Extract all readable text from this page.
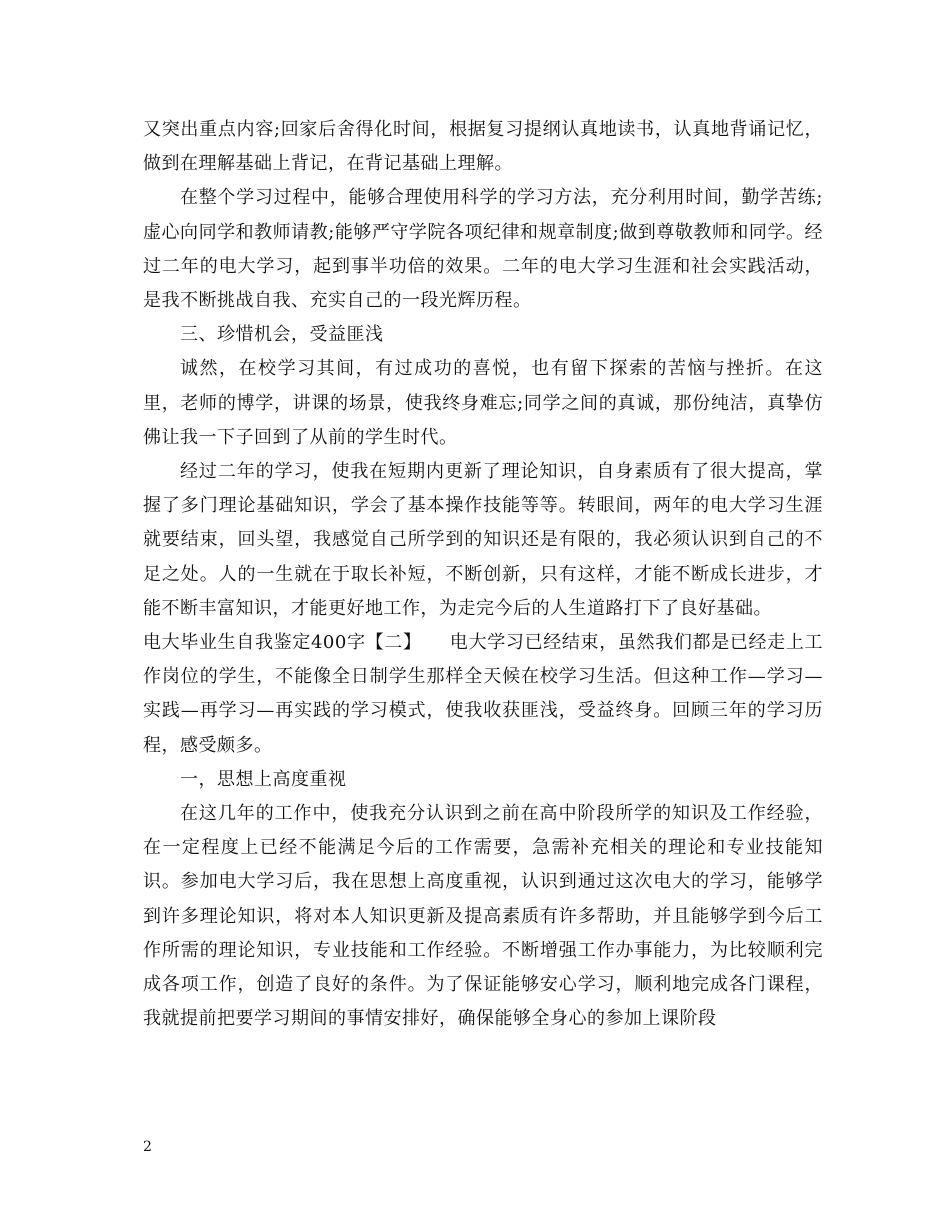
又突出重点内容;回家后舍得化时间，根据复习提纲认真地读书，认真地背诵记忆，做到在理解基础上背记，在背记基础上理解。

在整个学习过程中，能够合理使用科学的学习方法，充分利用时间，勤学苦练;虚心向同学和教师请教;能够严守学院各项纪律和规章制度;做到尊敬教师和同学。经过二年的电大学习，起到事半功倍的效果。二年的电大学习生涯和社会实践活动，是我不断挑战自我、充实自己的一段光辉历程。

三、珍惜机会，受益匪浅

诚然，在校学习其间，有过成功的喜悦，也有留下探索的苦恼与挫折。在这里，老师的博学，讲课的场景，使我终身难忘;同学之间的真诚，那份纯洁，真挚仿佛让我一下子回到了从前的学生时代。

经过二年的学习，使我在短期内更新了理论知识，自身素质有了很大提高，掌握了多门理论基础知识，学会了基本操作技能等等。转眼间，两年的电大学习生涯就要结束，回头望，我感觉自己所学到的知识还是有限的，我必须认识到自己的不足之处。人的一生就在于取长补短，不断创新，只有这样，才能不断成长进步，才能不断丰富知识，才能更好地工作，为走完今后的人生道路打下了良好基础。

电大毕业生自我鉴定400字【二】　　电大学习已经结束，虽然我们都是已经走上工作岗位的学生，不能像全日制学生那样全天候在校学习生活。但这种工作—学习—实践—再学习—再实践的学习模式，使我收获匪浅，受益终身。回顾三年的学习历程，感受颇多。

一，思想上高度重视

在这几年的工作中，使我充分认识到之前在高中阶段所学的知识及工作经验，在一定程度上已经不能满足今后的工作需要，急需补充相关的理论和专业技能知识。参加电大学习后，我在思想上高度重视，认识到通过这次电大的学习，能够学到许多理论知识，将对本人知识更新及提高素质有许多帮助，并且能够学到今后工作所需的理论知识，专业技能和工作经验。不断增强工作办事能力，为比较顺利完成各项工作，创造了良好的条件。为了保证能够安心学习，顺利地完成各门课程，我就提前把要学习期间的事情安排好，确保能够全身心的参加上课阶段

2
